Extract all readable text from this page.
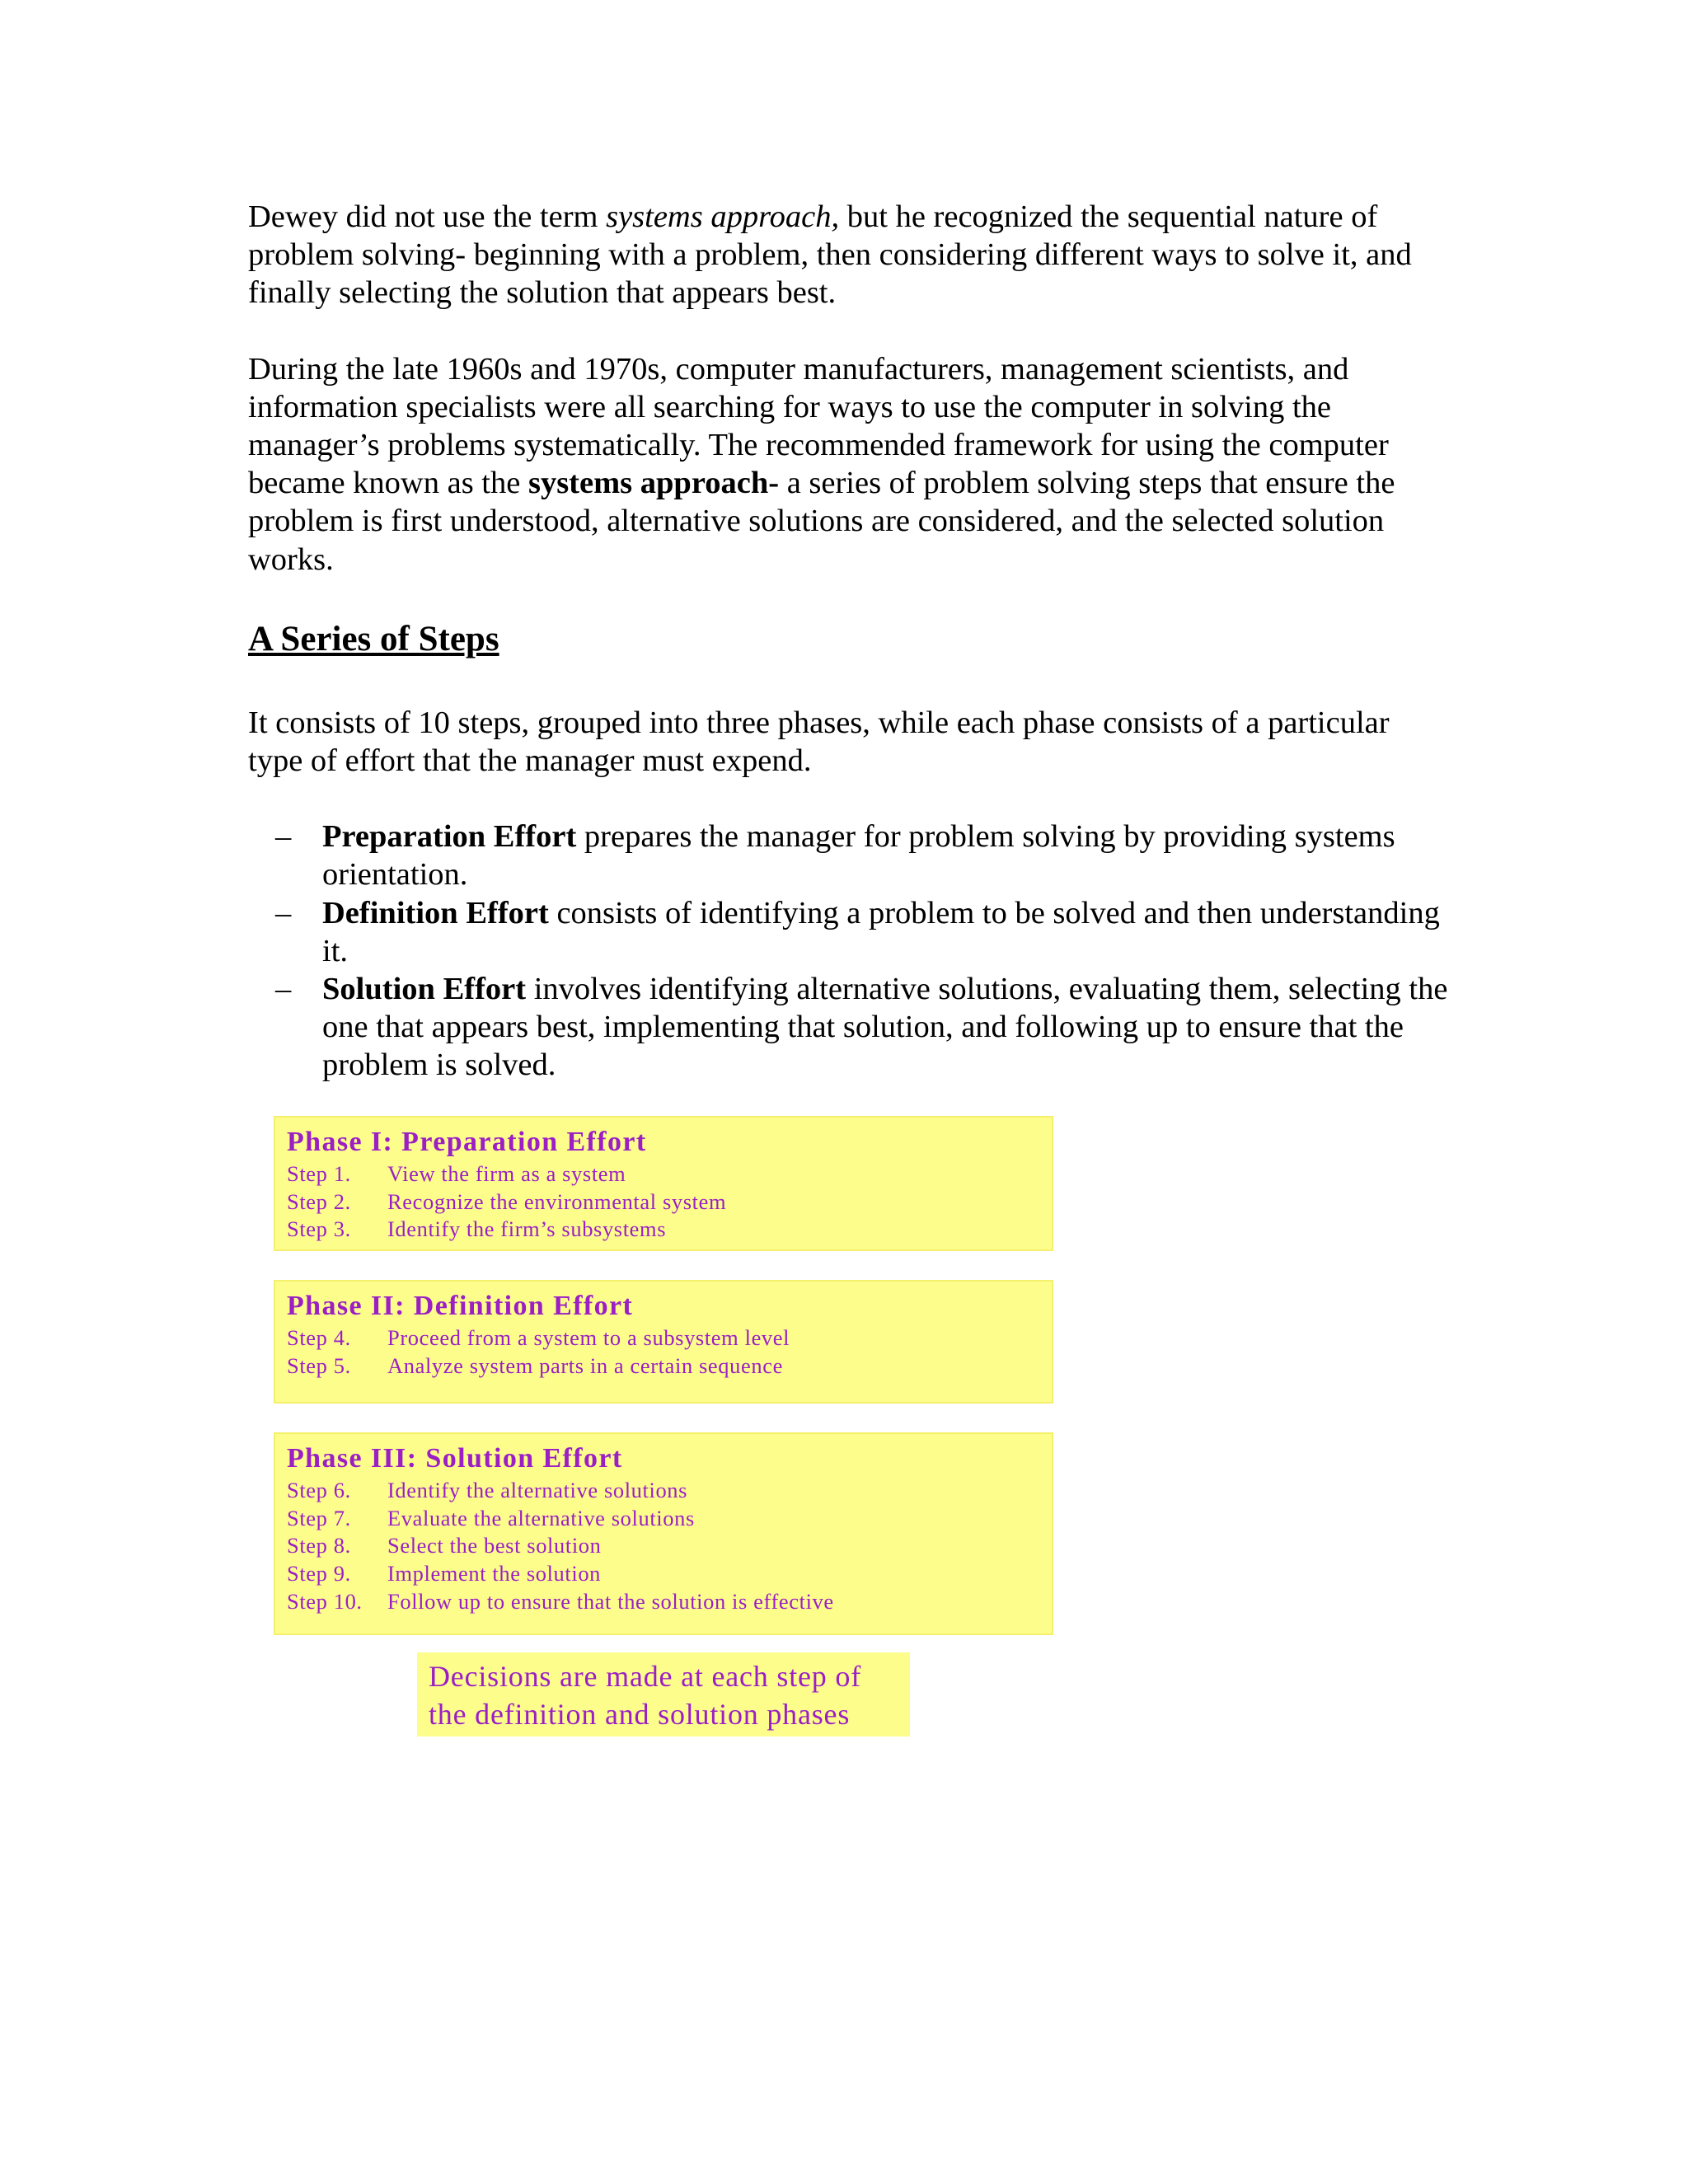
Dewey did not use the term systems approach, but he recognized the sequential nature of problem solving- beginning with a problem, then considering different ways to solve it, and finally selecting the solution that appears best.

During the late 1960s and 1970s, computer manufacturers, management scientists, and information specialists were all searching for ways to use the computer in solving the manager’s problems systematically. The recommended framework for using the computer became known as the systems approach- a series of problem solving steps that ensure the problem is first understood, alternative solutions are considered, and the selected solution works.

A Series of Steps

It consists of 10 steps, grouped into three phases, while each phase consists of a particular type of effort that the manager must expend.

– Preparation Effort prepares the manager for problem solving by providing systems orientation.
– Definition Effort consists of identifying a problem to be solved and then understanding it.
– Solution Effort involves identifying alternative solutions, evaluating them, selecting the one that appears best, implementing that solution, and following up to ensure that the problem is solved.
Phase I: Preparation Effort
Step 1. View the firm as a system
Step 2. Recognize the environmental system
Step 3. Identify the firm’s subsystems
Phase II: Definition Effort
Step 4. Proceed from a system to a subsystem level
Step 5. Analyze system parts in a certain sequence
Phase III: Solution Effort
Step 6. Identify the alternative solutions
Step 7. Evaluate the alternative solutions
Step 8. Select the best solution
Step 9. Implement the solution
Step 10. Follow up to ensure that the solution is effective
Decisions are made at each step of
the definition and solution phases
